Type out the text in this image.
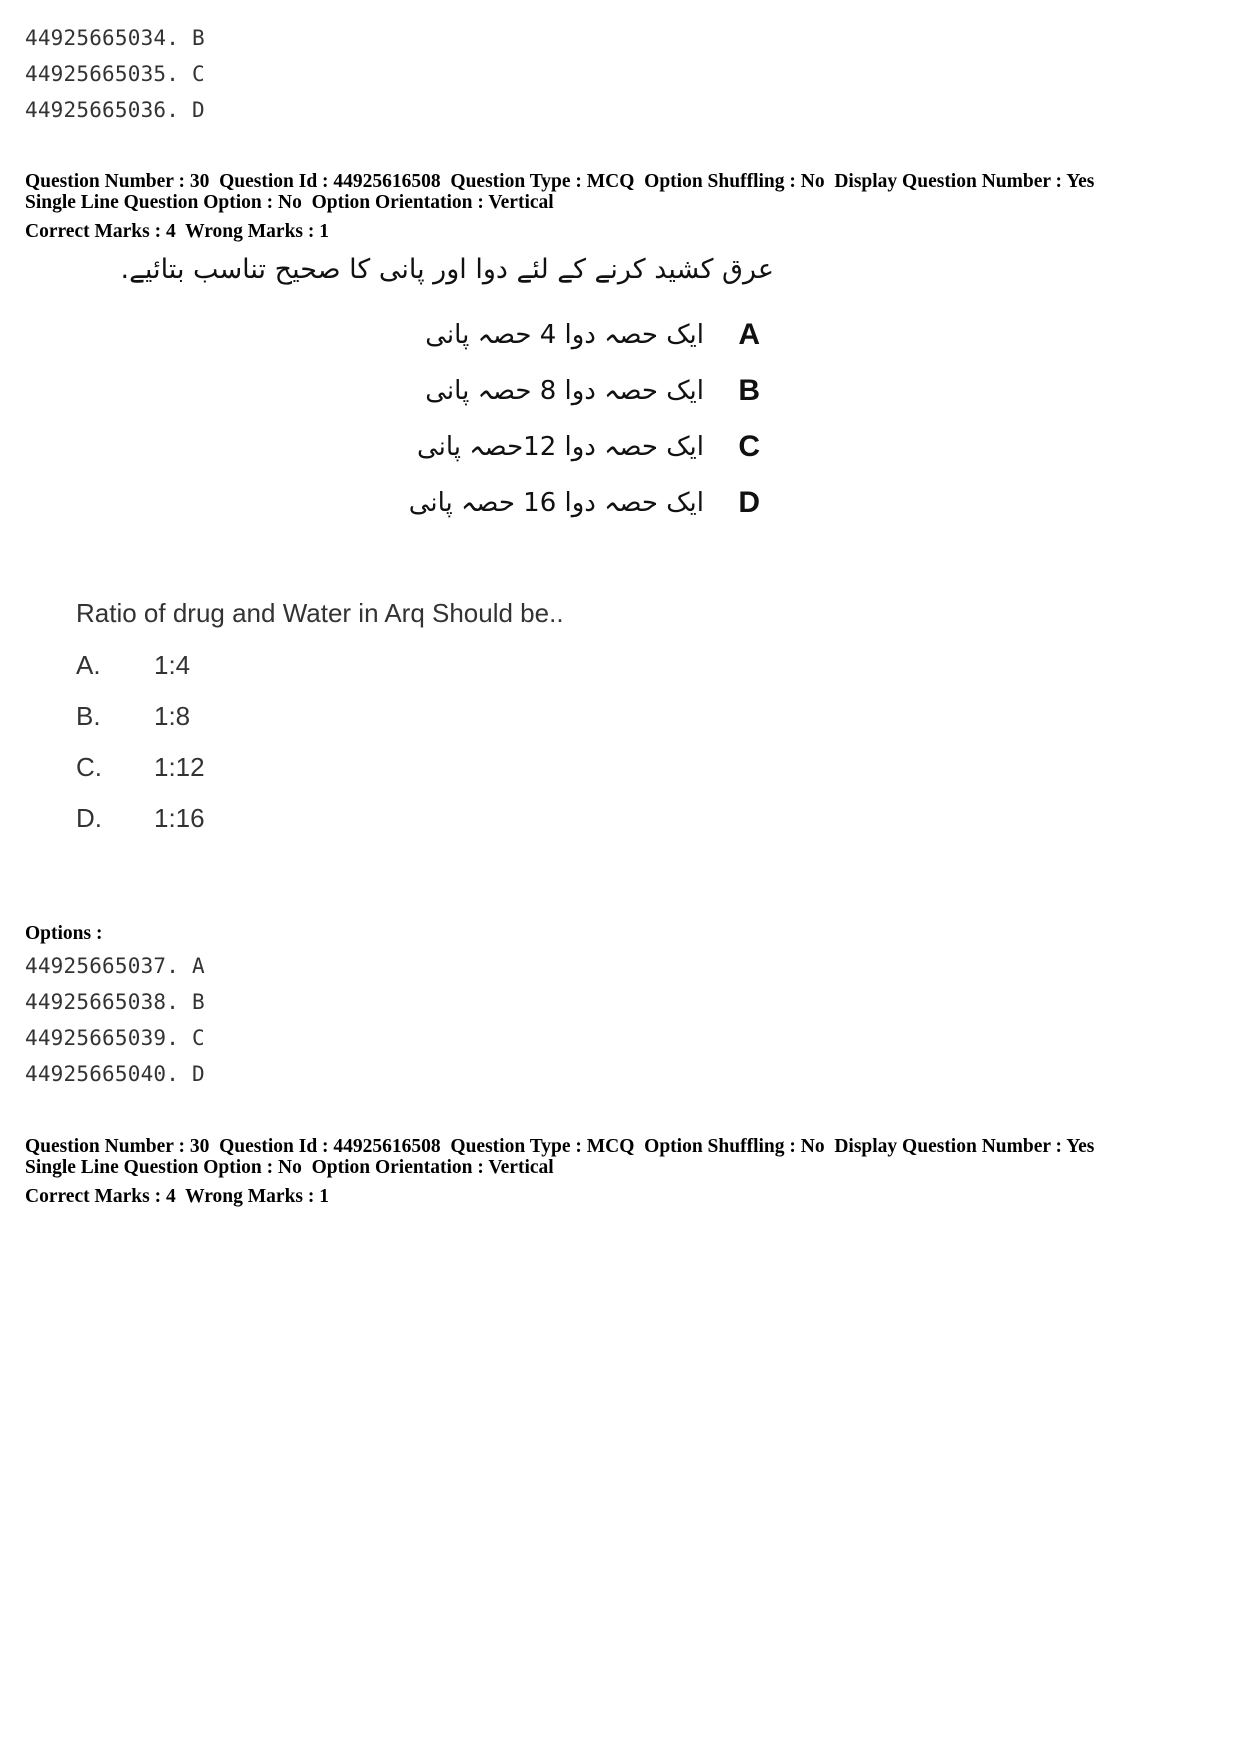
44925665034. B
44925665035. C
44925665036. D
Question Number : 30  Question Id : 44925616508  Question Type : MCQ  Option Shuffling : No  Display Question Number : Yes
Single Line Question Option : No  Option Orientation : Vertical
Correct Marks : 4  Wrong Marks : 1
عرق کشید کرنے کے لئے دوا اور پانی کا صحیح تناسب بتائیے.
A
ایک حصہ دوا 4 حصہ پانی
B
ایک حصہ دوا 8 حصہ پانی
C
ایک حصہ دوا 12حصہ پانی
D
ایک حصہ دوا 16 حصہ پانی
Ratio of drug and Water in Arq Should be..
A. 1:4
B. 1:8
C. 1:12
D. 1:16
Options :
44925665037. A
44925665038. B
44925665039. C
44925665040. D
Question Number : 30  Question Id : 44925616508  Question Type : MCQ  Option Shuffling : No  Display Question Number : Yes
Single Line Question Option : No  Option Orientation : Vertical
Correct Marks : 4  Wrong Marks : 1
